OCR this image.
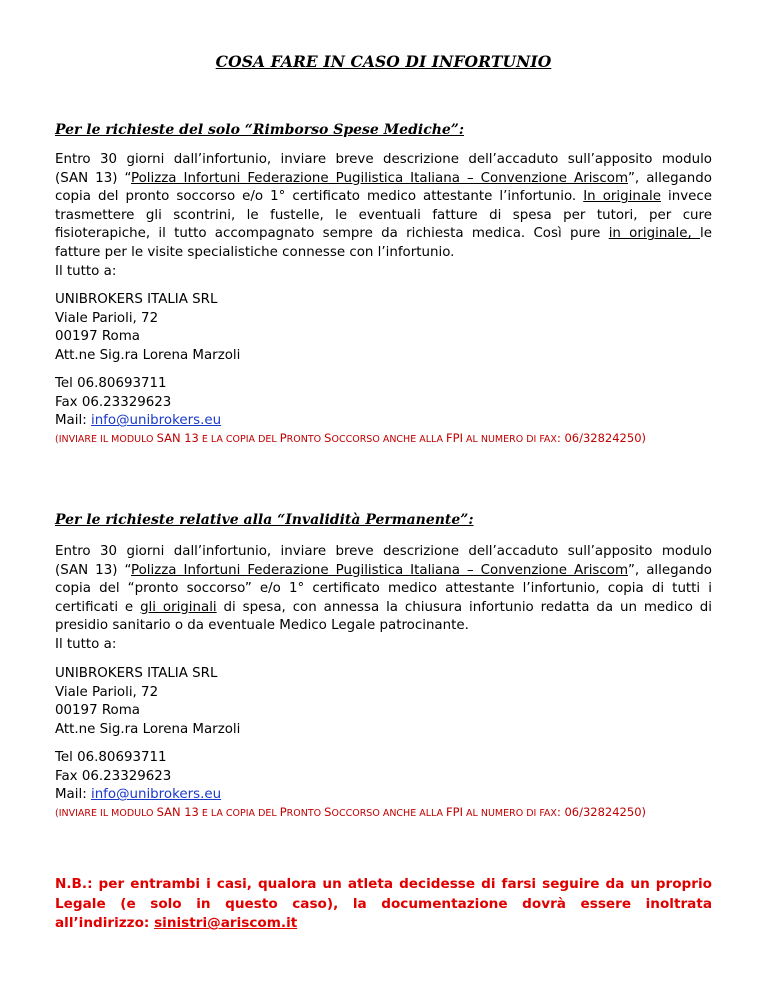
COSA FARE IN CASO DI INFORTUNIO
Per le richieste del solo “Rimborso Spese Mediche”:
Entro 30 giorni dall’infortunio, inviare breve descrizione dell’accaduto sull’apposito modulo
(SAN 13) “Polizza Infortuni Federazione Pugilistica Italiana – Convenzione Ariscom”, allegando
copia del pronto soccorso e/o 1° certificato medico attestante l’infortunio. In originale invece
trasmettere gli scontrini, le fustelle, le eventuali fatture di spesa per tutori, per cure
fisioterapiche, il tutto accompagnato sempre da richiesta medica. Così pure in originale, le
fatture per le visite specialistiche connesse con l’infortunio.
Il tutto a:
UNIBROKERS ITALIA SRL
Viale Parioli, 72
00197 Roma
Att.ne Sig.ra Lorena Marzoli
Tel 06.80693711
Fax 06.23329623
Mail: info@unibrokers.eu
(INVIARE IL MODULO SAN 13 E LA COPIA DEL PRONTO SOCCORSO ANCHE ALLA FPI AL NUMERO DI FAX: 06/32824250)
Per le richieste relative alla “Invalidità Permanente”:
Entro 30 giorni dall’infortunio, inviare breve descrizione dell’accaduto sull’apposito modulo
(SAN 13) “Polizza Infortuni Federazione Pugilistica Italiana – Convenzione Ariscom”, allegando
copia del “pronto soccorso” e/o 1° certificato medico attestante l’infortunio, copia di tutti i
certificati e gli originali di spesa, con annessa la chiusura infortunio redatta da un medico di
presidio sanitario o da eventuale Medico Legale patrocinante.
Il tutto a:
UNIBROKERS ITALIA SRL
Viale Parioli, 72
00197 Roma
Att.ne Sig.ra Lorena Marzoli
Tel 06.80693711
Fax 06.23329623
Mail: info@unibrokers.eu
(INVIARE IL MODULO SAN 13 E LA COPIA DEL PRONTO SOCCORSO ANCHE ALLA FPI AL NUMERO DI FAX: 06/32824250)
N.B.: per entrambi i casi, qualora un atleta decidesse di farsi seguire da un proprio
Legale (e solo in questo caso), la documentazione dovrà essere inoltrata
all’indirizzo: sinistri@ariscom.it
